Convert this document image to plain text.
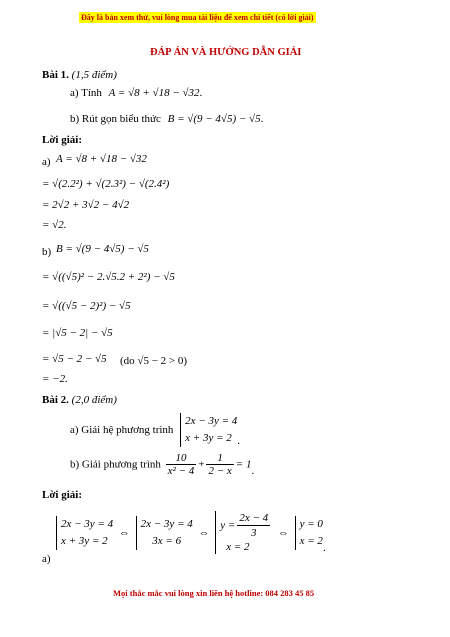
Đây là bản xem thử, vui lòng mua tài liệu để xem chi tiết (có lời giải)
ĐÁP ÁN VÀ HƯỚNG DẪN GIẢI
Bài 1. (1,5 điểm)
a) Tính A = √8 + √18 − √32.
b) Rút gọn biểu thức B = √(9 − 4√5) − √5.
Lời giải:
a) A = √8 + √18 − √32
= √(2.2²) + √(2.3²) − √(2.4²)
= 2√2 + 3√2 − 4√2
= √2.
b) B = √(9 − 4√5) − √5
= √((√5)² − 2.√5.2 + 2²) − √5
= √((√5 − 2)²) − √5
= |√5 − 2| − √5
= √5 − 2 − √5 (do √5 − 2 > 0)
= −2.
Bài 2. (2,0 điểm)
a) Giải hệ phương trình
2x − 3y = 4
x + 3y = 2 .
b) Giải phương trình $\frac{10}{\text{x² − 4}} + \frac{1}{2 - x} = 1$.
Lời giải:
2x − 3y = 4
x + 3y = 2
⇔
2x − 3y = 4
3x = 6
⇔
$y = \frac{2x - 4}{3}$
x = 2
⇔
y = 0
x = 2
.
a)
Mọi thắc mắc vui lòng xin liên hệ hotline: 084 283 45 85
